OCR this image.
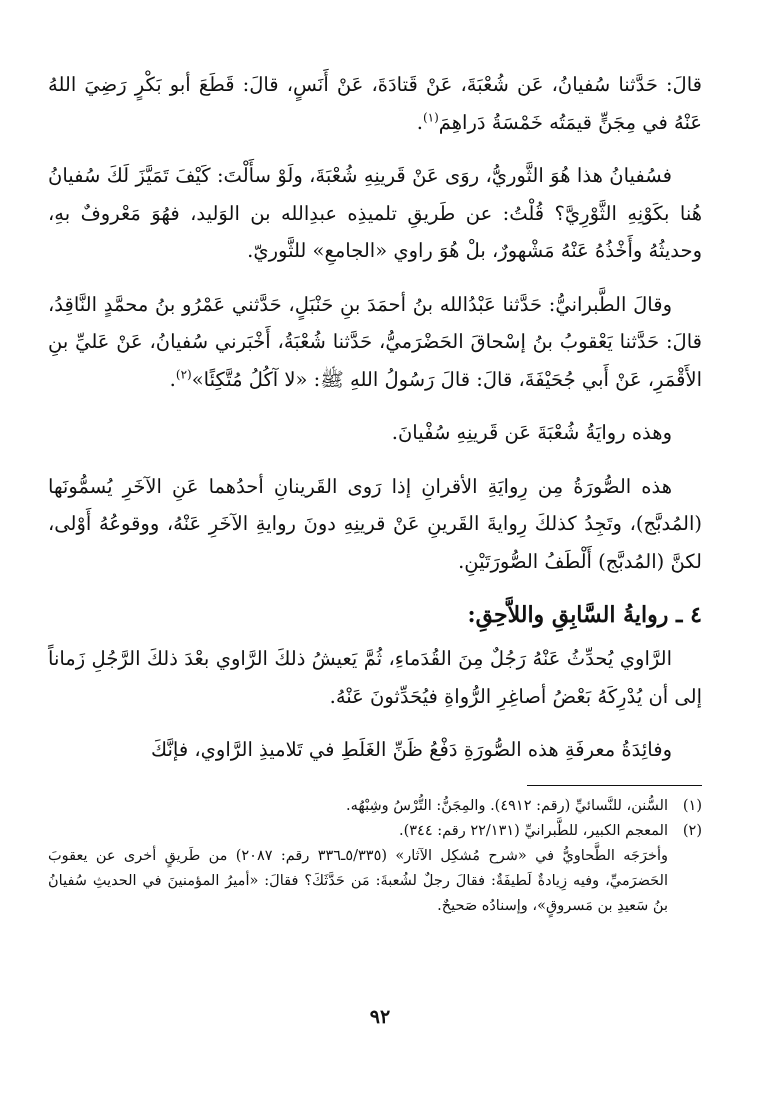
قالَ: حَدَّثنا سُفيانُ، عَن شُعْبَةَ، عَنْ قَتادَةَ، عَنْ أَنَسٍ، قالَ: قَطَعَ أبو بَكْرٍ رَضِيَ اللهُ عَنْهُ في مِجَنٍّ قيمَتُه خَمْسَةُ دَراهِمَ$^{(١)}$.

فسُفيانُ هذا هُوَ الثَّوريُّ، روَى عَنْ قَرينِهِ شُعْبَةَ، ولَوْ سأَلْتَ: كَيْفَ تَمَيَّزَ لَكَ سُفيانُ هُنا بكَوْنِهِ الثَّوْرِيَّ؟ قُلْتُ: عن طَريقِ تلميذِه عبدِالله بن الوَليد، فهُوَ مَعْروفٌ بهِ، وحديثُهُ وأَخْذُهُ عَنْهُ مَشْهورٌ، بلْ هُوَ راوي «الجامعِ» للثَّوريّ.

وقالَ الطَّبرانيُّ: حَدَّثنا عَبْدُالله بنُ أحمَدَ بنِ حَنْبَلٍ، حَدَّثني عَمْرُو بنُ محمَّدٍ النَّاقِدُ، قالَ: حَدَّثنا يَعْقوبُ بنُ إسْحاقَ الحَضْرَميُّ، حَدَّثنا شُعْبَةُ، أَخْبَرني سُفيانُ، عَنْ عَليِّ بنِ الأَقْمَرِ، عَنْ أَبي جُحَيْفَةَ، قالَ: قالَ رَسُولُ اللهِ ﷺ: «لا آكُلُ مُتَّكِئًا»$^{(٢)}$.

وهذه روايَةُ شُعْبَةَ عَن قَرينِهِ سُفْيانَ.

هذه الصُّورَةُ مِن رِوايَةِ الأقرانِ إذا رَوى القَرينانِ أحدُهما عَنِ الآخَرِ يُسمُّونَها (المُدبَّج)، وتَجِدُ كذلكَ رِوايةَ القَرينِ عَنْ قرينِهِ دونَ روايةِ الآخَرِ عَنْهُ، ووقوعُهُ أَوْلى، لكنَّ (المُدبَّج) أَلْطَفُ الصُّورَتَيْنِ.

٤ ـ روايةُ السَّابِقِ واللاَّحِقِ:

الرَّاوي يُحدِّثُ عَنْهُ رَجُلٌ مِنَ القُدَماءِ، ثُمَّ يَعيشُ ذلكَ الرَّاوي بعْدَ ذلكَ الرَّجُلِ زَماناً إلى أن يُدْرِكَهُ بَعْضُ أصاغِرِ الرُّواةِ فيُحَدِّثونَ عَنْهُ.

وفائِدَةُ معرفَةِ هذه الصُّورَةِ دَفْعُ ظَنِّ الغَلَطِ في تَلاميذِ الرَّاوي، فإنَّكَ

(١)
السُّنن، للنَّسائيِّ (رقم: ٤٩١٢). والمِجَنُّ: التُّرْسُ وشِبْهُه.
(٢)
المعجم الكبير، للطَّبرانيِّ (٢٢/١٣١ رقم: ٣٤٤).
وأخرَجَه الطَّحاويُّ في «شرح مُشكِل الآثار» (٥/٣٣٥ـ٣٣٦ رقم: ٢٠٨٧) من طَريقٍ أخرى عن يعقوبَ الحَضرَميِّ، وفيه زِيادةٌ لَطيفَةٌ: فقالَ رجلٌ لشُعبةَ: مَن حَدَّثَكَ؟ فقالَ: «أميرُ المؤمنينَ في الحديثِ سُفيانُ بنُ سَعيدِ بن مَسروقٍ»، وإسنادُه صَحيحٌ.
٩٢
